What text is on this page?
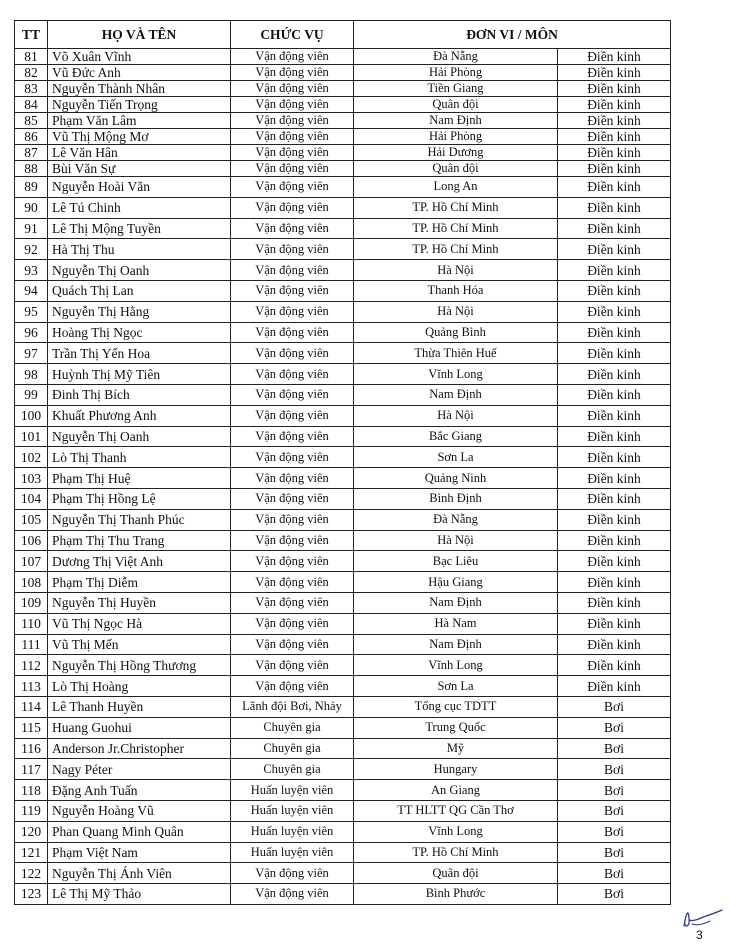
TT	HỌ VÀ TÊN	CHỨC VỤ	ĐƠN VI / MÔN	
81	Võ Xuân Vĩnh	Vận động viên	Đà Nẵng	Điền kinh
82	Vũ Đức Anh	Vận động viên	Hải Phòng	Điền kinh
83	Nguyễn Thành Nhân	Vận động viên	Tiền Giang	Điền kinh
84	Nguyễn Tiến Trọng	Vận động viên	Quân đội	Điền kinh
85	Phạm Văn Lâm	Vận động viên	Nam Định	Điền kinh
86	Vũ Thị Mộng Mơ	Vận động viên	Hải Phòng	Điền kinh
87	Lê Văn Hân	Vận động viên	Hải Dương	Điền kinh
88	Bùi Văn Sự	Vận động viên	Quân đội	Điền kinh
89	Nguyễn Hoài Văn	Vận động viên	Long An	Điền kinh
90	Lê Tú Chinh	Vận động viên	TP. Hồ Chí Minh	Điền kinh
91	Lê Thị Mộng Tuyền	Vận động viên	TP. Hồ Chí Minh	Điền kinh
92	Hà Thị Thu	Vận động viên	TP. Hồ Chí Minh	Điền kinh
93	Nguyễn Thị Oanh	Vận động viên	Hà Nội	Điền kinh
94	Quách Thị Lan	Vận động viên	Thanh Hóa	Điền kinh
95	Nguyễn Thị Hằng	Vận động viên	Hà Nội	Điền kinh
96	Hoàng Thị Ngọc	Vận động viên	Quảng Bình	Điền kinh
97	Trần Thị Yến Hoa	Vận động viên	Thừa Thiên Huế	Điền kinh
98	Huỳnh Thị Mỹ Tiên	Vận động viên	Vĩnh Long	Điền kinh
99	Đinh Thị Bích	Vận động viên	Nam Định	Điền kinh
100	Khuất Phương Anh	Vận động viên	Hà Nội	Điền kinh
101	Nguyễn Thị Oanh	Vận động viên	Bắc Giang	Điền kinh
102	Lò Thị Thanh	Vận động viên	Sơn La	Điền kinh
103	Phạm Thị Huệ	Vận động viên	Quảng Ninh	Điền kinh
104	Phạm Thị Hồng Lệ	Vận động viên	Bình Định	Điền kinh
105	Nguyễn Thị Thanh Phúc	Vận động viên	Đà Nẵng	Điền kinh
106	Phạm Thị Thu Trang	Vận động viên	Hà Nội	Điền kinh
107	Dương Thị Việt Anh	Vận động viên	Bạc Liêu	Điền kinh
108	Phạm Thị Diễm	Vận động viên	Hậu Giang	Điền kinh
109	Nguyễn Thị Huyền	Vận động viên	Nam Định	Điền kinh
110	Vũ Thị Ngọc Hà	Vận động viên	Hà Nam	Điền kinh
111	Vũ Thị Mến	Vận động viên	Nam Định	Điền kinh
112	Nguyễn Thị Hồng Thương	Vận động viên	Vĩnh Long	Điền kinh
113	Lò Thị Hoàng	Vận động viên	Sơn La	Điền kinh
114	Lê Thanh Huyền	Lãnh đội Bơi, Nhảy	Tổng cục TDTT	Bơi
115	Huang Guohui	Chuyên gia	Trung Quốc	Bơi
116	Anderson Jr.Christopher	Chuyên gia	Mỹ	Bơi
117	Nagy Péter	Chuyên gia	Hungary	Bơi
118	Đặng Anh Tuấn	Huấn luyện viên	An Giang	Bơi
119	Nguyễn Hoàng Vũ	Huấn luyện viên	TT HLTT QG Cần Thơ	Bơi
120	Phan Quang Minh Quân	Huấn luyện viên	Vĩnh Long	Bơi
121	Phạm Việt Nam	Huấn luyện viên	TP. Hồ Chí Minh	Bơi
122	Nguyễn Thị Ánh Viên	Vận động viên	Quân đội	Bơi
123	Lê Thị Mỹ Thảo	Vận động viên	Bình Phước	Bơi
3
